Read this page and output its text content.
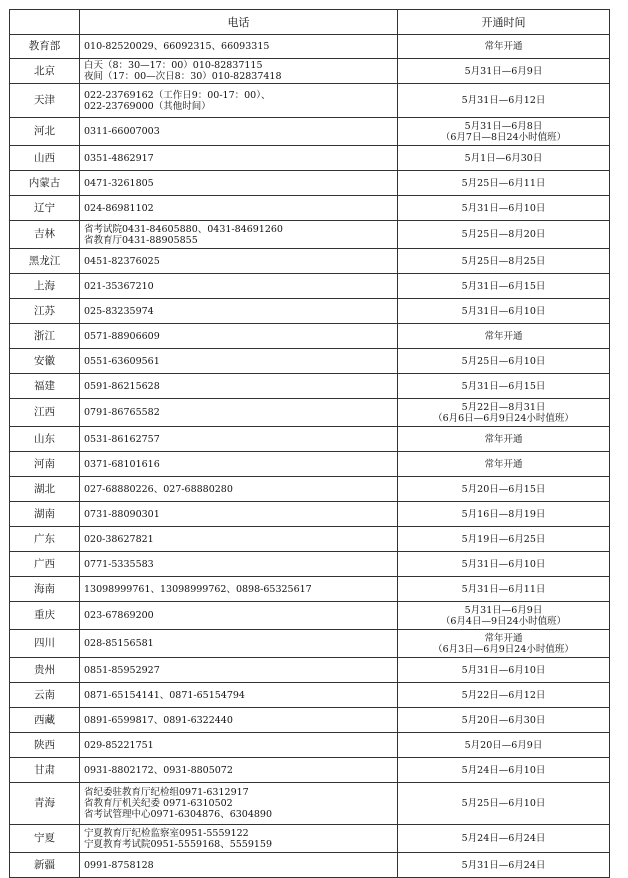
	电话	开通时间
教育部	010-82520029、66092315、66093315	常年开通

北京	白天（8：30—17：00）010-82837115
夜间（17：00—次日8：30）010-82837418	5月31日—6月9日

天津	022-23769162（工作日9：00-17：00）、
022-23769000（其他时间）	5月31日—6月12日

河北	0311-66007003	5月31日—6月8日
（6月7日—8日24小时值班）

山西	0351-4862917	5月1日—6月30日

内蒙古	0471-3261805	5月25日—6月11日

辽宁	024-86981102	5月31日—6月10日

吉林	省考试院0431-84605880、0431-84691260
省教育厅0431-88905855	5月25日—8月20日

黑龙江	0451-82376025	5月25日—8月25日

上海	021-35367210	5月31日—6月15日

江苏	025-83235974	5月31日—6月10日

浙江	0571-88906609	常年开通

安徽	0551-63609561	5月25日—6月10日

福建	0591-86215628	5月31日—6月15日

江西	0791-86765582	5月22日—8月31日
（6月6日—6月9日24小时值班）

山东	0531-86162757	常年开通

河南	0371-68101616	常年开通

湖北	027-68880226、027-68880280	5月20日—6月15日

湖南	0731-88090301	5月16日—8月19日

广东	020-38627821	5月19日—6月25日

广西	0771-5335583	5月31日—6月10日

海南	13098999761、13098999762、0898-65325617	5月31日—6月11日

重庆	023-67869200	5月31日—6月9日
（6月4日—9日24小时值班）

四川	028-85156581	常年开通
（6月3日—6月9日24小时值班）

贵州	0851-85952927	5月31日—6月10日

云南	0871-65154141、0871-65154794	5月22日—6月12日

西藏	0891-6599817、0891-6322440	5月20日—6月30日

陕西	029-85221751	5月20日—6月9日

甘肃	0931-8802172、0931-8805072	5月24日—6月10日

青海	省纪委驻教育厅纪检组0971-6312917
省教育厅机关纪委 0971-6310502
省考试管理中心0971-6304876、6304890	5月25日—6月10日

宁夏	宁夏教育厅纪检监察室0951-5559122
宁夏教育考试院0951-5559168、5559159	5月24日—6月24日

新疆	0991-8758128	5月31日—6月24日
